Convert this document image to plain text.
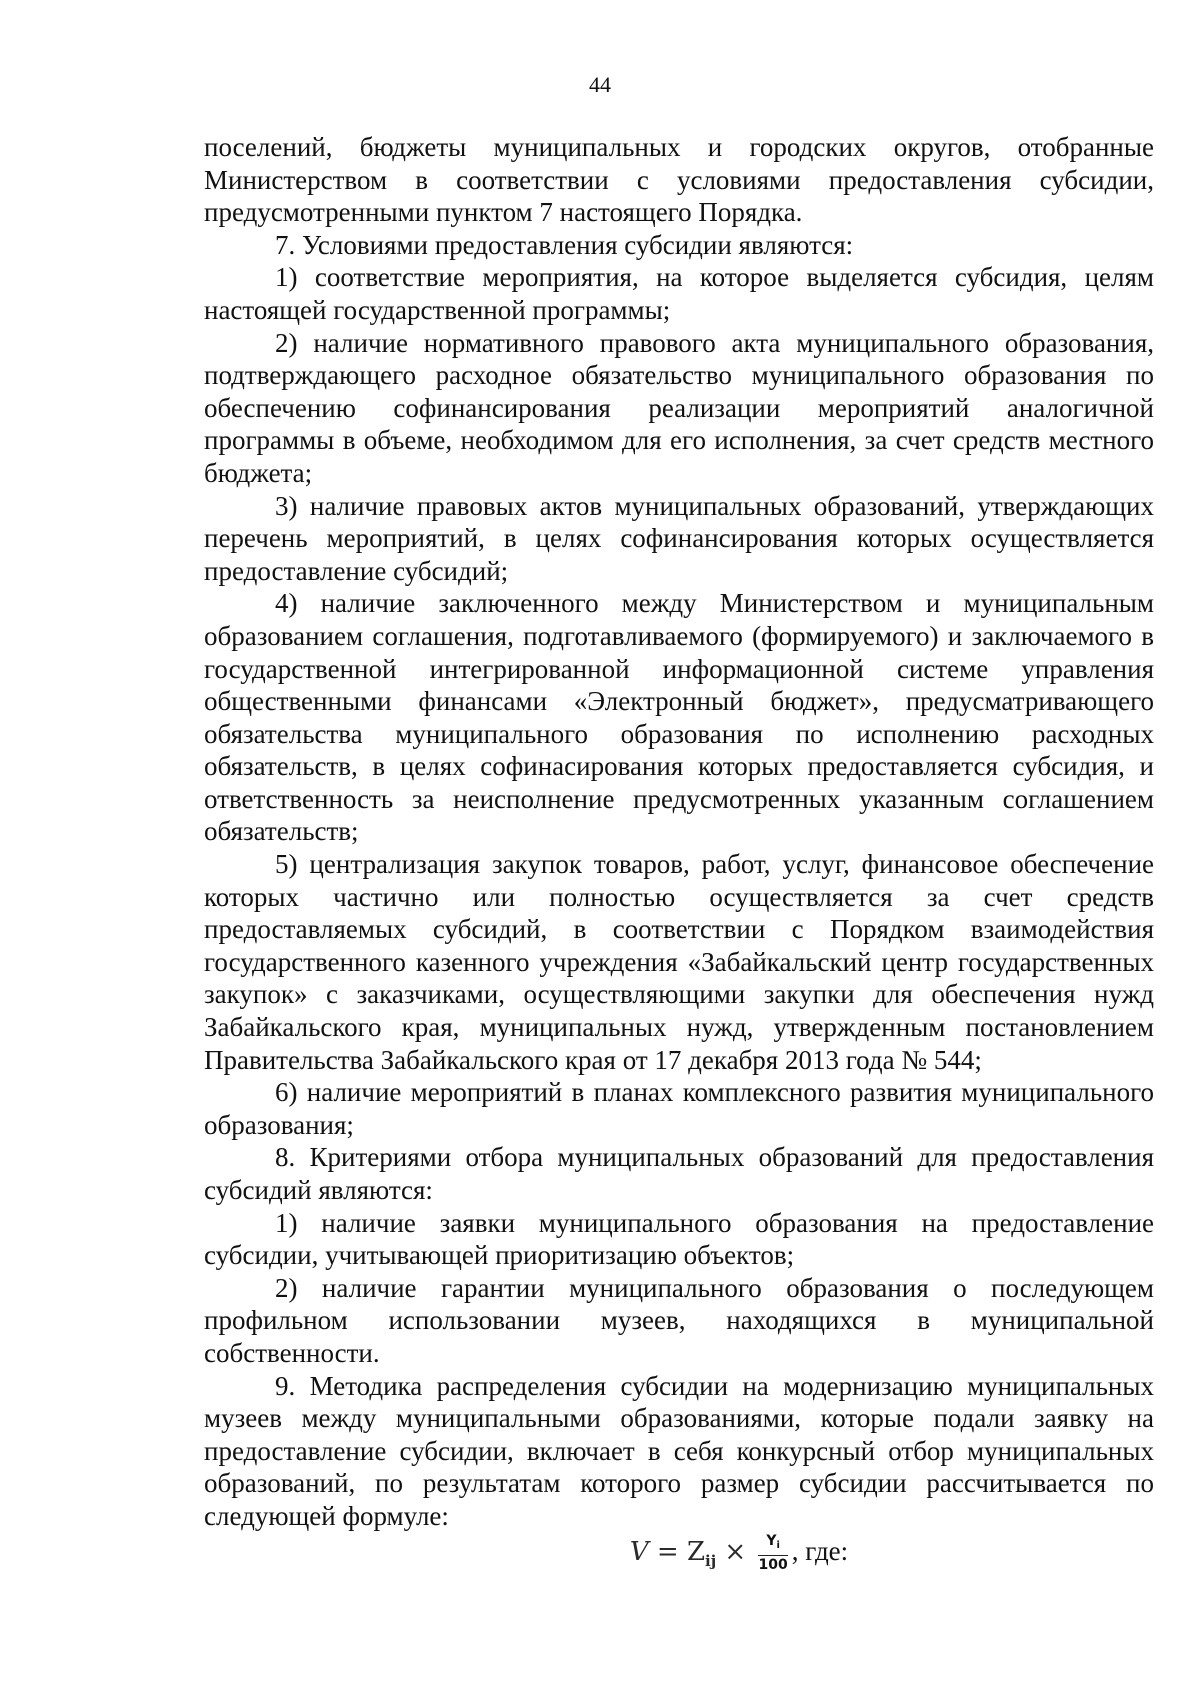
44

поселений, бюджеты муниципальных и городских округов, отобранные Министерством в соответствии с условиями предоставления субсидии, предусмотренными пунктом 7 настоящего Порядка.

7. Условиями предоставления субсидии являются:

1) соответствие мероприятия, на которое выделяется субсидия, целям настоящей государственной программы;

2) наличие нормативного правового акта муниципального образования, подтверждающего расходное обязательство муниципального образования по обеспечению софинансирования реализации мероприятий аналогичной программы в объеме, необходимом для его исполнения, за счет средств местного бюджета;

3) наличие правовых актов муниципальных образований, утверждающих перечень мероприятий, в целях софинансирования которых осуществляется предоставление субсидий;

4) наличие заключенного между Министерством и муниципальным образованием соглашения, подготавливаемого (формируемого) и заключаемого в государственной интегрированной информационной системе управления общественными финансами «Электронный бюджет», предусматривающего обязательства муниципального образования по исполнению расходных обязательств, в целях софинасирования которых предоставляется субсидия, и ответственность за неисполнение предусмотренных указанным соглашением обязательств;

5) централизация закупок товаров, работ, услуг, финансовое обеспечение которых частично или полностью осуществляется за счет средств предоставляемых субсидий, в соответствии с Порядком взаимодействия государственного казенного учреждения «Забайкальский центр государственных закупок» с заказчиками, осуществляющими закупки для обеспечения нужд Забайкальского края, муниципальных нужд, утвержденным постановлением Правительства Забайкальского края от 17 декабря 2013 года № 544;

6) наличие мероприятий в планах комплексного развития муниципального образования;

8. Критериями отбора муниципальных образований для предоставления субсидий являются:

1) наличие заявки муниципального образования на предоставление субсидии, учитывающей приоритизацию объектов;

2) наличие гарантии муниципального образования о последующем профильном использовании музеев, находящихся в муниципальной собственности.

9. Методика распределения субсидии на модернизацию муниципальных музеев между муниципальными образованиями, которые подали заявку на предоставление субсидии, включает в себя конкурсный отбор муниципальных образований, по результатам которого размер субсидии рассчитывается по следующей формуле:

$V = Z_{ij} \times \frac{Y_i}{100}$ , где:
